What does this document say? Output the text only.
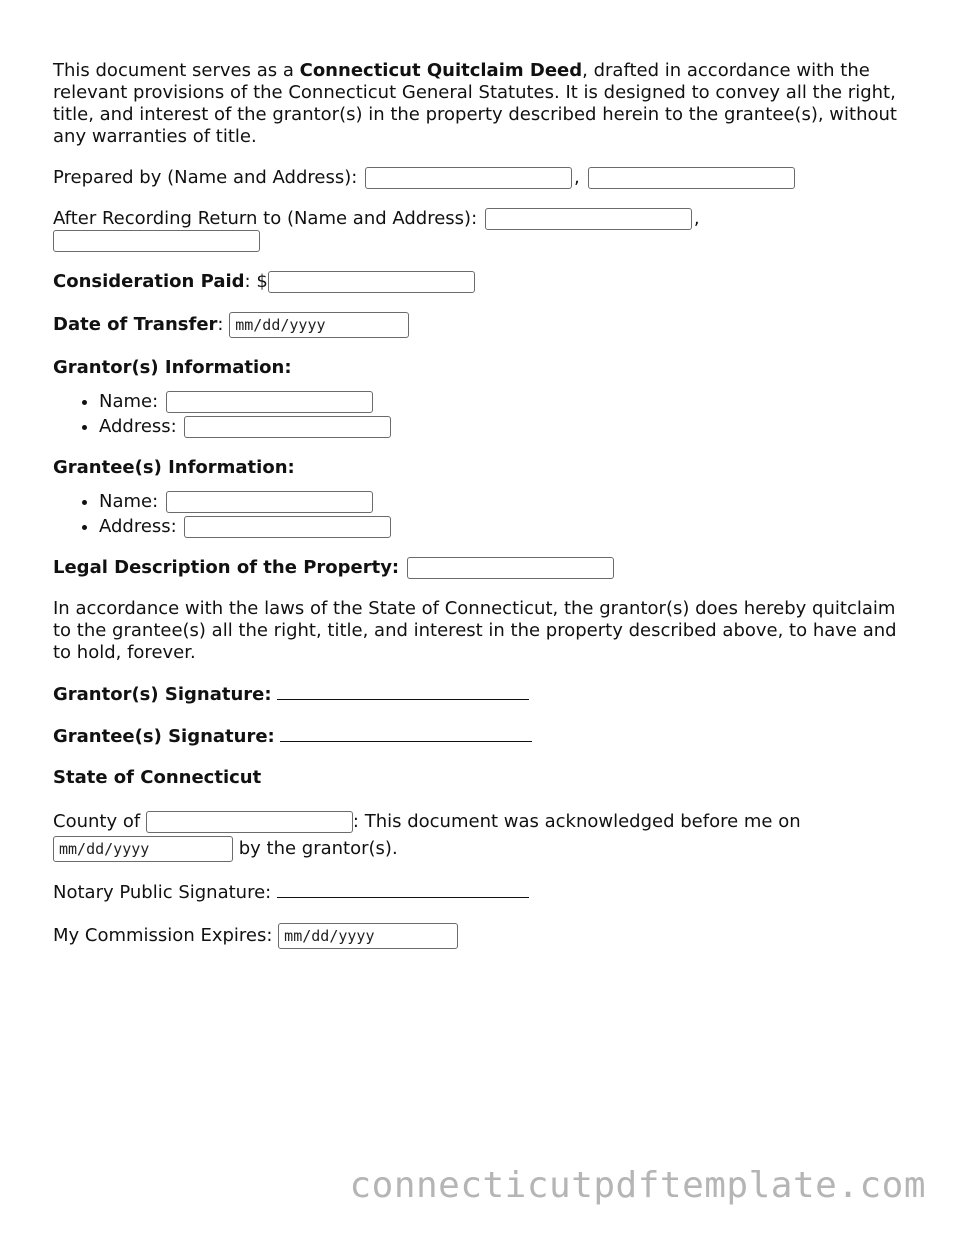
This document serves as a Connecticut Quitclaim Deed, drafted in accordance with the relevant provisions of the Connecticut General Statutes. It is designed to convey all the right, title, and interest of the grantor(s) in the property described herein to the grantee(s), without any warranties of title.

Prepared by (Name and Address):	,

After Recording Return to (Name and Address):	,

Consideration Paid: $

Date of Transfer: mm/dd/yyyy

Grantor(s) Information:

• Name:
• Address:

Grantee(s) Information:

• Name:
• Address:

Legal Description of the Property:

In accordance with the laws of the State of Connecticut, the grantor(s) does hereby quitclaim to the grantee(s) all the right, title, and interest in the property described above, to have and to hold, forever.

Grantor(s) Signature:

Grantee(s) Signature:

State of Connecticut

County of	: This document was acknowledged before me on
mm/dd/yyyy	by the grantor(s).

Notary Public Signature:

My Commission Expires: mm/dd/yyyy

connecticutpdftemplate.com
